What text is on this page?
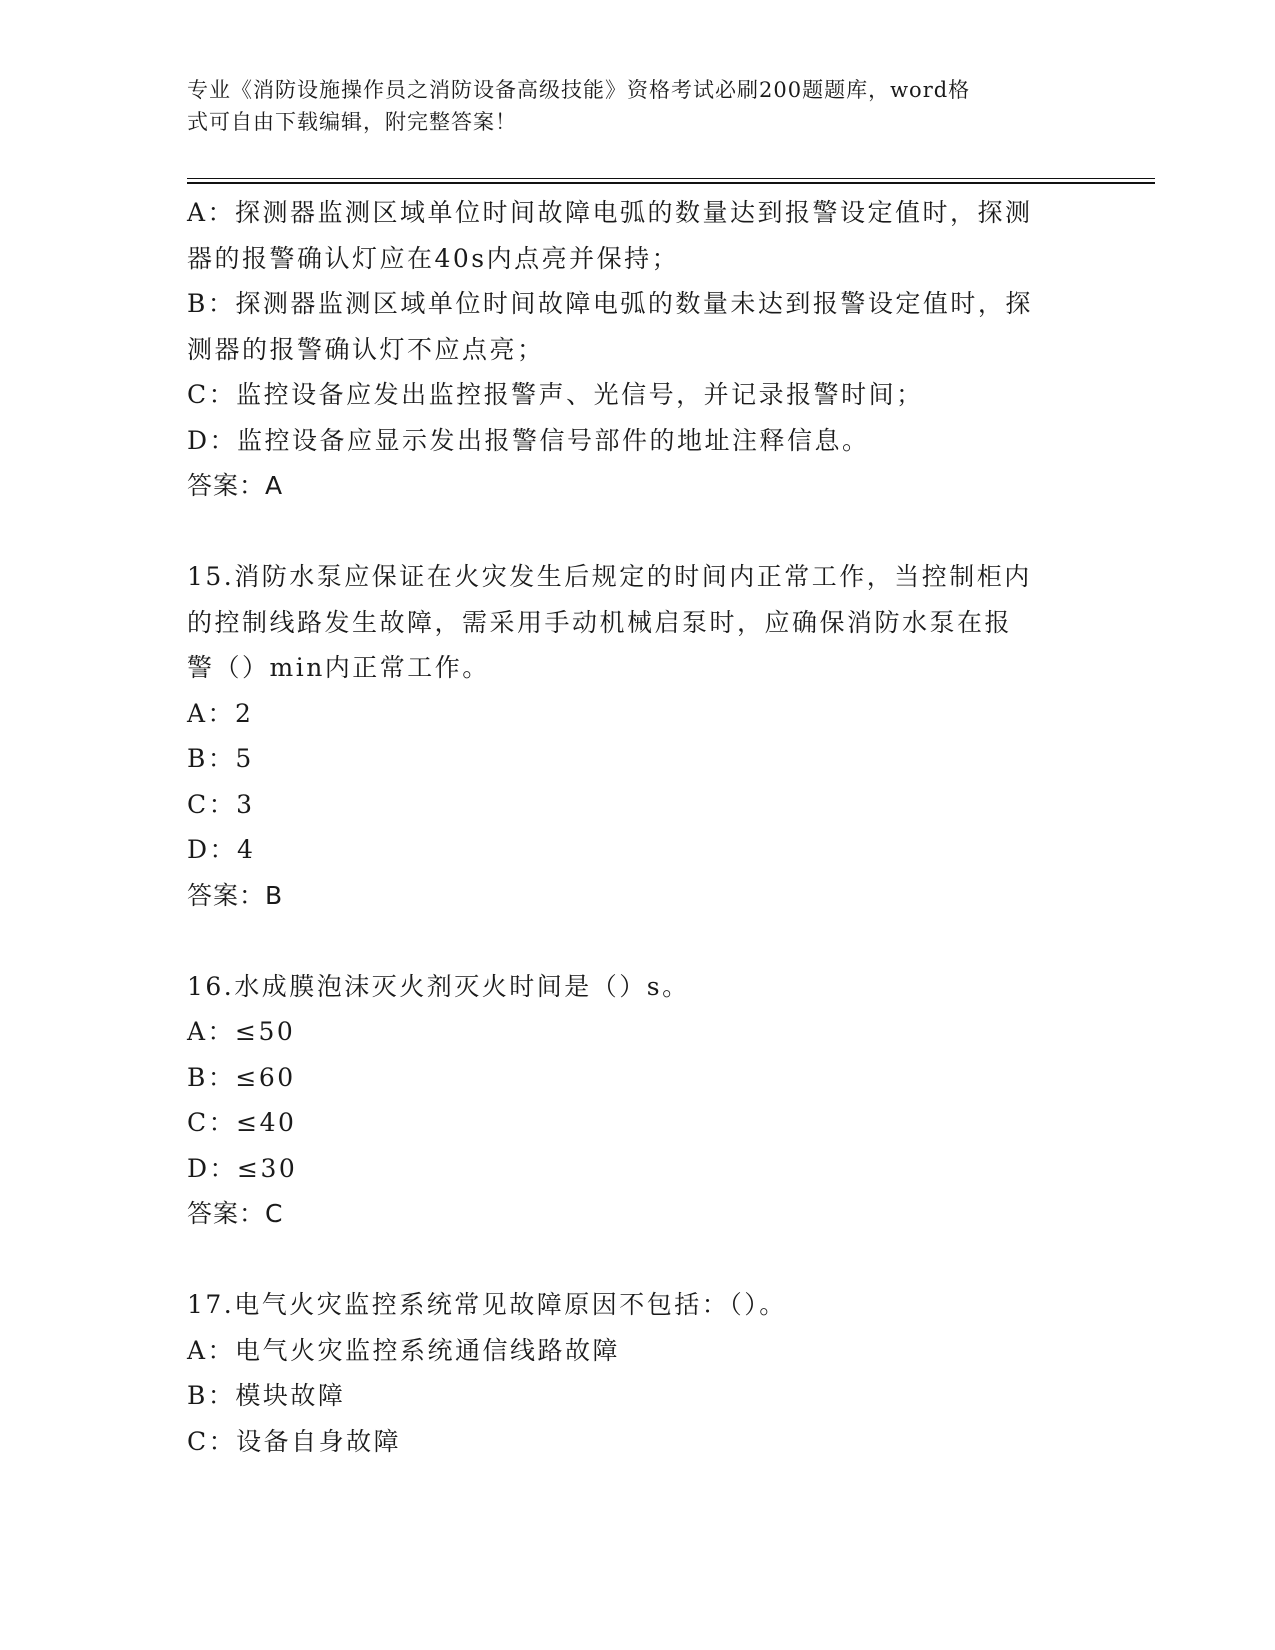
专业《消防设施操作员之消防设备高级技能》资格考试必刷200题题库，word格
式可自由下载编辑，附完整答案！
A：探测器监测区域单位时间故障电弧的数量达到报警设定值时，探测
器的报警确认灯应在40s内点亮并保持；
B：探测器监测区域单位时间故障电弧的数量未达到报警设定值时，探
测器的报警确认灯不应点亮；
C：监控设备应发出监控报警声、光信号，并记录报警时间；
D：监控设备应显示发出报警信号部件的地址注释信息。
答案：A
15.消防水泵应保证在火灾发生后规定的时间内正常工作，当控制柜内
的控制线路发生故障，需采用手动机械启泵时，应确保消防水泵在报
警（）min内正常工作。
A：2
B：5
C：3
D：4
答案：B
16.水成膜泡沫灭火剂灭火时间是（）s。
A：≤50
B：≤60
C：≤40
D：≤30
答案：C
17.电气火灾监控系统常见故障原因不包括：（）。
A：电气火灾监控系统通信线路故障
B：模块故障
C：设备自身故障
